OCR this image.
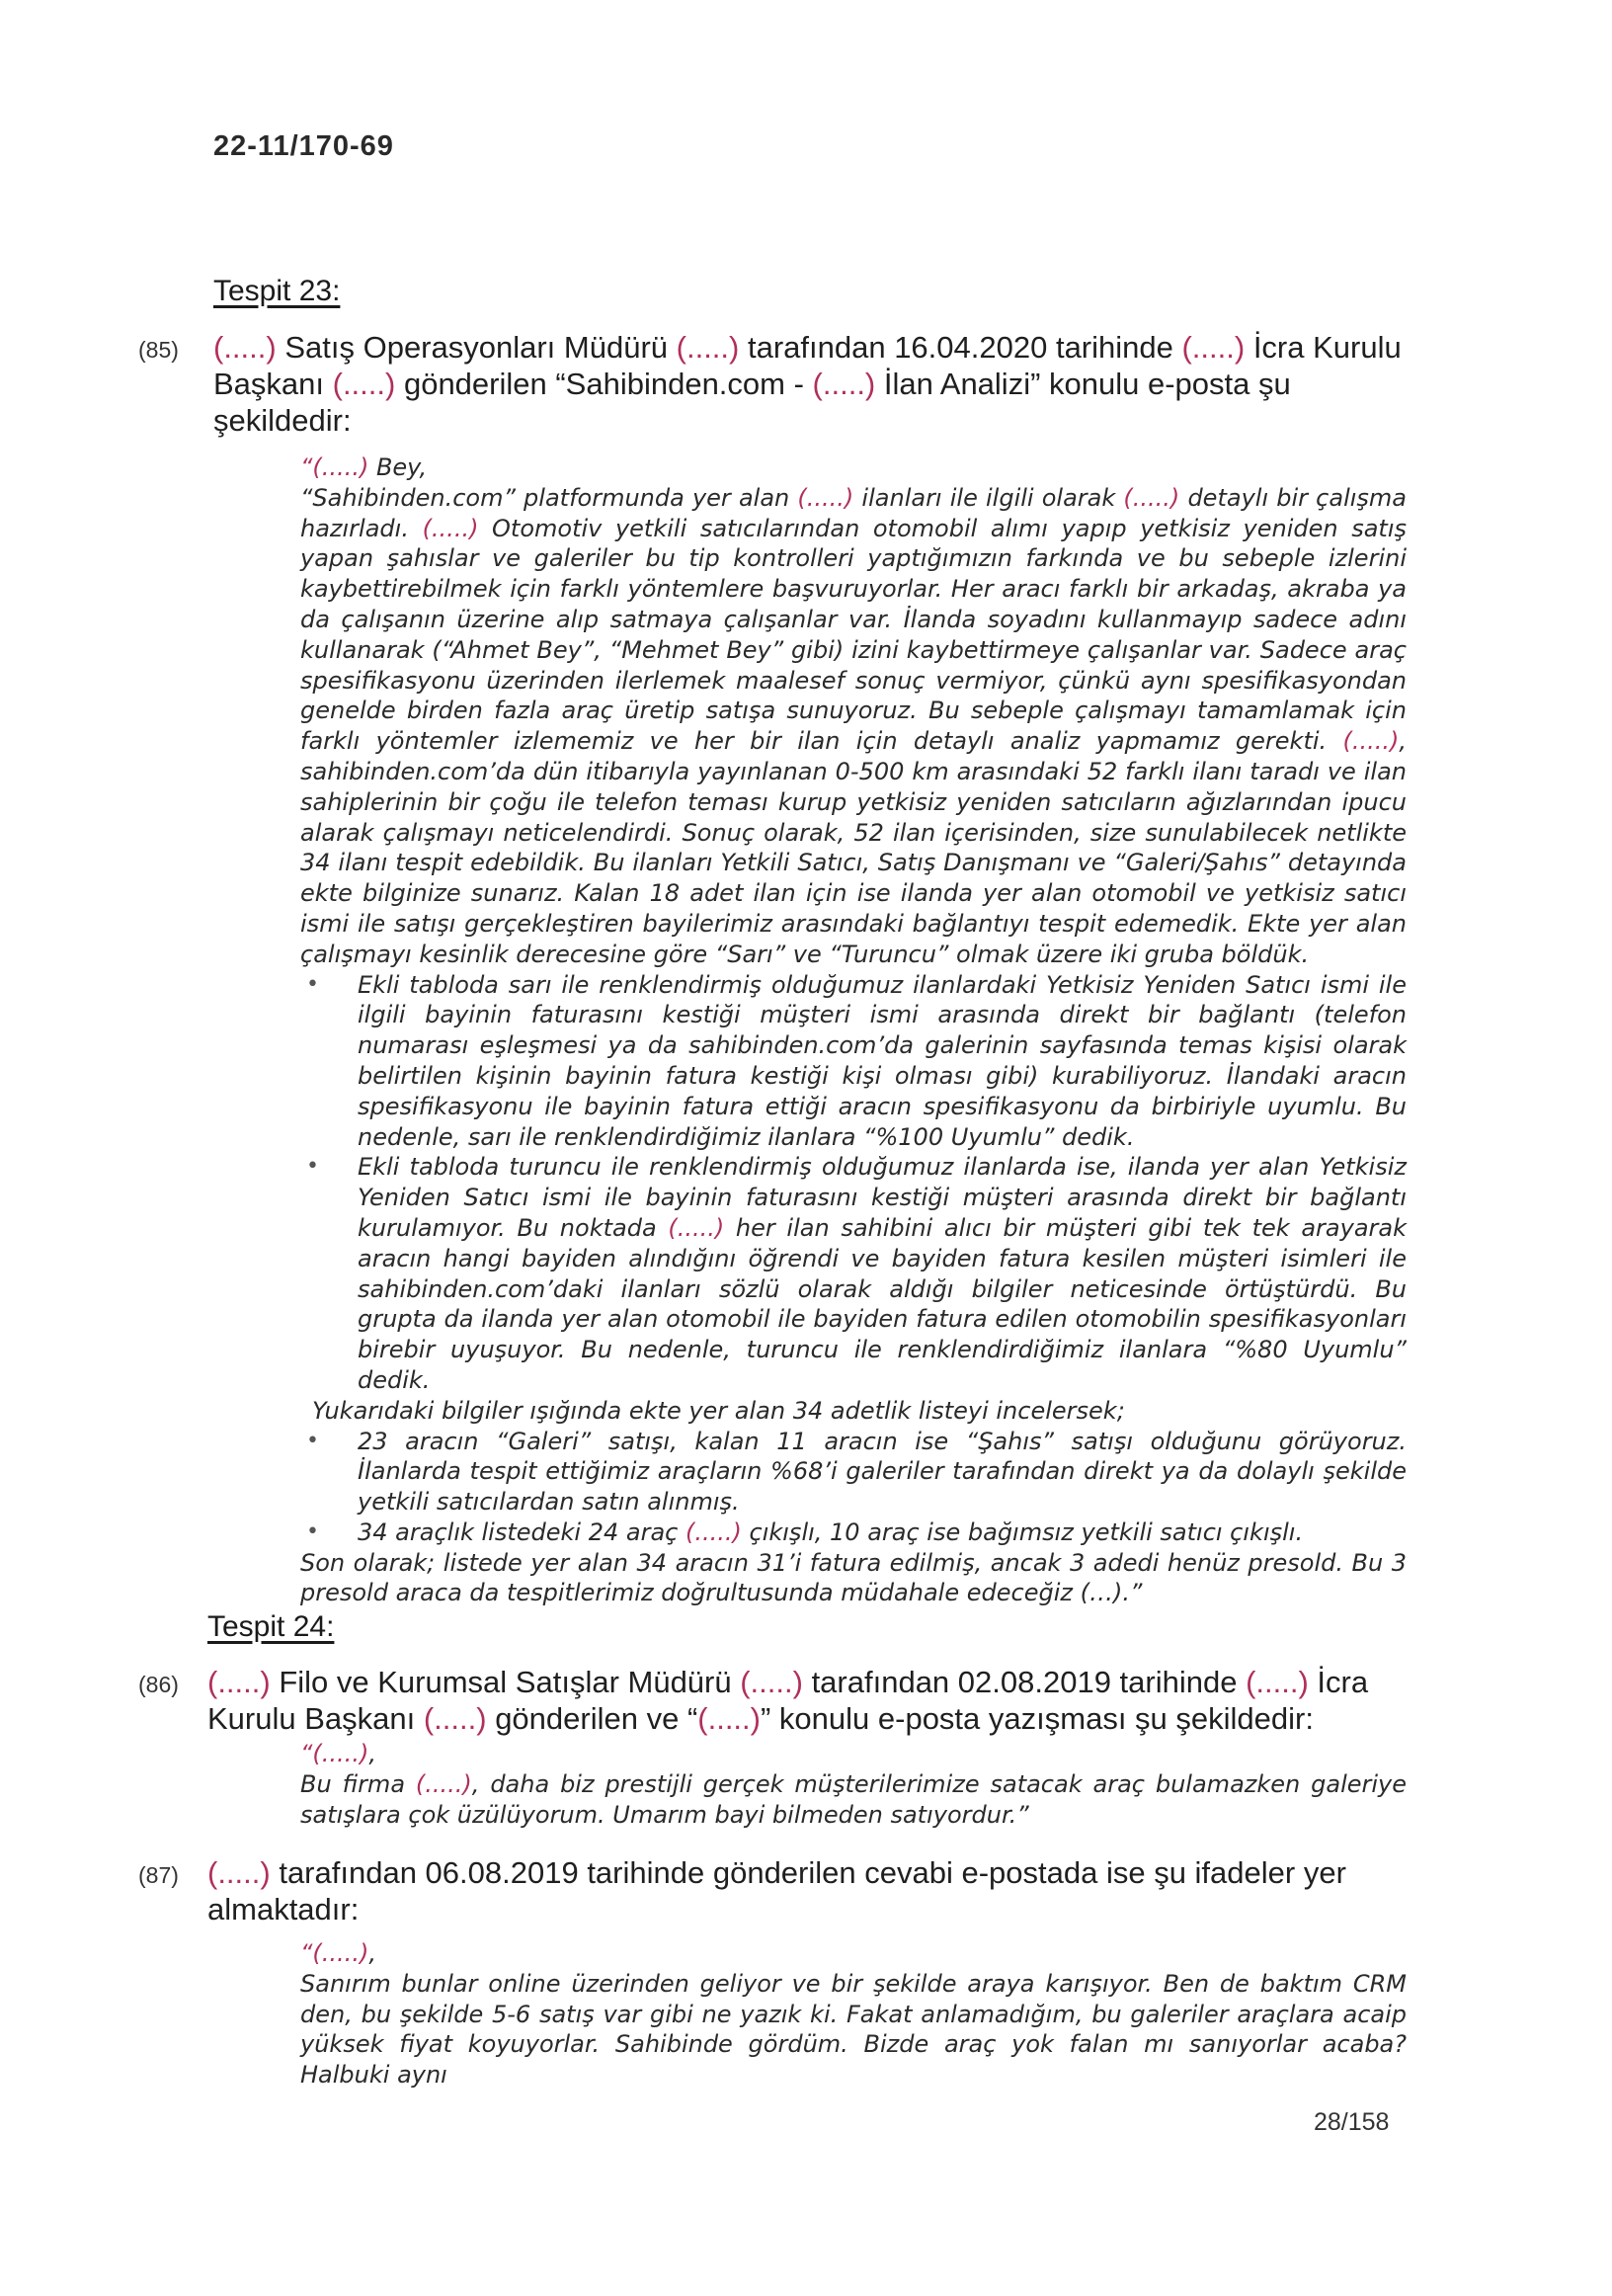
22-11/170-69
Tespit 23:
(85) (.....) Satış Operasyonları Müdürü (.....) tarafından 16.04.2020 tarihinde (.....) İcra Kurulu Başkanı (.....) gönderilen “Sahibinden.com - (.....) İlan Analizi” konulu e-posta şu şekildedir:

“(.....) Bey,

“Sahibinden.com” platformunda yer alan (.....) ilanları ile ilgili olarak (.....) detaylı bir çalışma hazırladı. (.....) Otomotiv yetkili satıcılarından otomobil alımı yapıp yetkisiz yeniden satış yapan şahıslar ve galeriler bu tip kontrolleri yaptığımızın farkında ve bu sebeple izlerini kaybettirebilmek için farklı yöntemlere başvuruyorlar. Her aracı farklı bir arkadaş, akraba ya da çalışanın üzerine alıp satmaya çalışanlar var. İlanda soyadını kullanmayıp sadece adını kullanarak (“Ahmet Bey”, “Mehmet Bey” gibi) izini kaybettirmeye çalışanlar var. Sadece araç spesifikasyonu üzerinden ilerlemek maalesef sonuç vermiyor, çünkü aynı spesifikasyondan genelde birden fazla araç üretip satışa sunuyoruz. Bu sebeple çalışmayı tamamlamak için farklı yöntemler izlememiz ve her bir ilan için detaylı analiz yapmamız gerekti. (.....), sahibinden.com’da dün itibarıyla yayınlanan 0-500 km arasındaki 52 farklı ilanı taradı ve ilan sahiplerinin bir çoğu ile telefon teması kurup yetkisiz yeniden satıcıların ağızlarından ipucu alarak çalışmayı neticelendirdi. Sonuç olarak, 52 ilan içerisinden, size sunulabilecek netlikte 34 ilanı tespit edebildik. Bu ilanları Yetkili Satıcı, Satış Danışmanı ve “Galeri/Şahıs” detayında ekte bilginize sunarız. Kalan 18 adet ilan için ise ilanda yer alan otomobil ve yetkisiz satıcı ismi ile satışı gerçekleştiren bayilerimiz arasındaki bağlantıyı tespit edemedik. Ekte yer alan çalışmayı kesinlik derecesine göre “Sarı” ve “Turuncu” olmak üzere iki gruba böldük.

• Ekli tabloda sarı ile renklendirmiş olduğumuz ilanlardaki Yetkisiz Yeniden Satıcı ismi ile ilgili bayinin faturasını kestiği müşteri ismi arasında direkt bir bağlantı (telefon numarası eşleşmesi ya da sahibinden.com’da galerinin sayfasında temas kişisi olarak belirtilen kişinin bayinin fatura kestiği kişi olması gibi) kurabiliyoruz. İlandaki aracın spesifikasyonu ile bayinin fatura ettiği aracın spesifikasyonu da birbiriyle uyumlu. Bu nedenle, sarı ile renklendirdiğimiz ilanlara “%100 Uyumlu” dedik.
• Ekli tabloda turuncu ile renklendirmiş olduğumuz ilanlarda ise, ilanda yer alan Yetkisiz Yeniden Satıcı ismi ile bayinin faturasını kestiği müşteri arasında direkt bir bağlantı kurulamıyor. Bu noktada (.....) her ilan sahibini alıcı bir müşteri gibi tek tek arayarak aracın hangi bayiden alındığını öğrendi ve bayiden fatura kesilen müşteri isimleri ile sahibinden.com’daki ilanları sözlü olarak aldığı bilgiler neticesinde örtüştürdü. Bu grupta da ilanda yer alan otomobil ile bayiden fatura edilen otomobilin spesifikasyonları birebir uyuşuyor. Bu nedenle, turuncu ile renklendirdiğimiz ilanlara “%80 Uyumlu” dedik.

Yukarıdaki bilgiler ışığında ekte yer alan 34 adetlik listeyi incelersek;

• 23 aracın “Galeri” satışı, kalan 11 aracın ise “Şahıs” satışı olduğunu görüyoruz. İlanlarda tespit ettiğimiz araçların %68’i galeriler tarafından direkt ya da dolaylı şekilde yetkili satıcılardan satın alınmış.
• 34 araçlık listedeki 24 araç (.....) çıkışlı, 10 araç ise bağımsız yetkili satıcı çıkışlı.

Son olarak; listede yer alan 34 aracın 31’i fatura edilmiş, ancak 3 adedi henüz presold. Bu 3 presold araca da tespitlerimiz doğrultusunda müdahale edeceğiz (…).”

Tespit 24:
(86) (.....) Filo ve Kurumsal Satışlar Müdürü (.....) tarafından 02.08.2019 tarihinde (.....) İcra Kurulu Başkanı (.....) gönderilen ve “(.....)” konulu e-posta yazışması şu şekildedir:

“(.....),

Bu firma (.....), daha biz prestijli gerçek müşterilerimize satacak araç bulamazken galeriye satışlara çok üzülüyorum. Umarım bayi bilmeden satıyordur.”

(87) (.....) tarafından 06.08.2019 tarihinde gönderilen cevabi e-postada ise şu ifadeler yer almaktadır:

“(.....),

Sanırım bunlar online üzerinden geliyor ve bir şekilde araya karışıyor. Ben de baktım CRM den, bu şekilde 5-6 satış var gibi ne yazık ki. Fakat anlamadığım, bu galeriler araçlara acaip yüksek fiyat koyuyorlar. Sahibinde gördüm. Bizde araç yok falan mı sanıyorlar acaba? Halbuki aynı

28/158
